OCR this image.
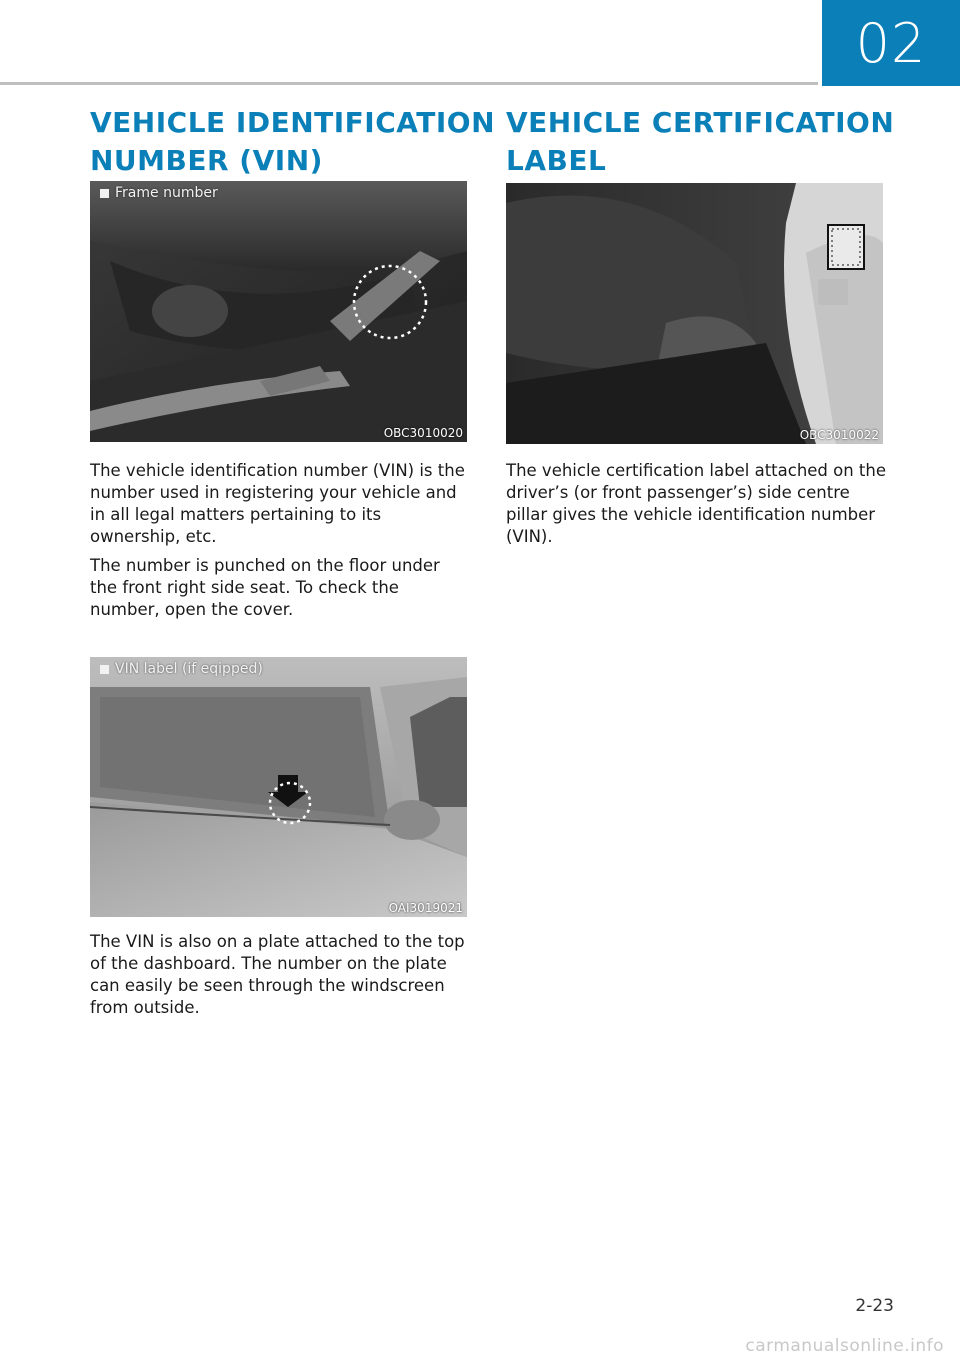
02
VEHICLE IDENTIFICATION
NUMBER (VIN)
Frame number
OBC3010020

The vehicle identification number (VIN) is the number used in registering your vehicle and in all legal matters pertaining to its ownership, etc.

The number is punched on the floor under the front right side seat. To check the number, open the cover.

VIN label (if eqipped)
OAI3019021

The VIN is also on a plate attached to the top of the dashboard. The number on the plate can easily be seen through the windscreen from outside.

VEHICLE CERTIFICATION
LABEL
OBC3010022

The vehicle certification label attached on the driver’s (or front passenger’s) side centre pillar gives the vehicle identification number (VIN).

2-23
carmanualsonline.info
